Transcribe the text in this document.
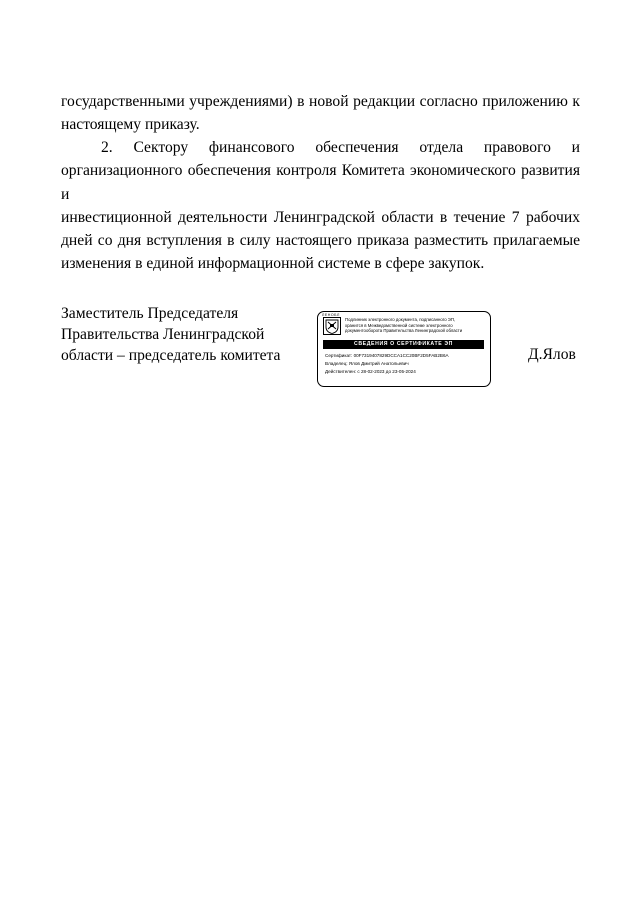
государственными учреждениями) в новой редакции согласно приложению к
настоящему приказу.
2. Сектору финансового обеспечения отдела правового и
организационного обеспечения контроля Комитета экономического развития и
инвестиционной деятельности Ленинградской области в течение 7 рабочих
дней со дня вступления в силу настоящего приказа разместить прилагаемые
изменения в единой информационной системе в сфере закупок.
Заместитель Председателя
Правительства Ленинградской
области – председатель комитета
ЛЕНОБЛ
Подлинник электронного документа, подписанного ЭП,
хранится в Межведомственной системе электронного
документооборота Правительства Ленинградской области
СВЕДЕНИЯ О СЕРТИФИКАТЕ ЭП
Сертификат: 00F7319407829DCCA1CC20BF2D5FAB2B6A
Владелец: Ялов Дмитрий Анатольевич
Действителен: с 28-02-2023 до 23-05-2024
Д.Ялов
